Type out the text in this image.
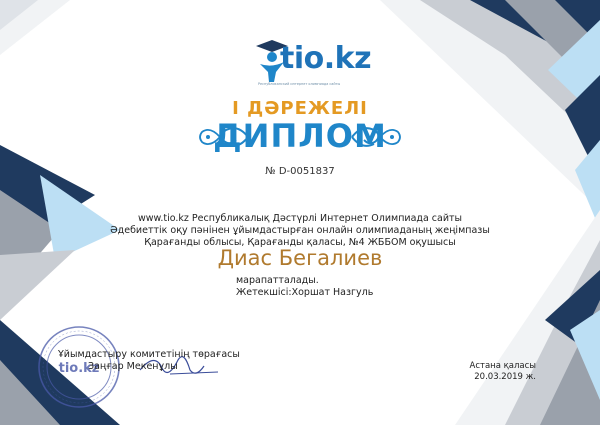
tio.kz
Республиканский интернет олимпиада сайты
I ДӘРЕЖЕЛІ
ДИПЛОМ
№ D-0051837
www.tio.kz Республикалық Дәстүрлі Интернет Олимпиада сайты
Әдебиеттік оқу пәнінен ұйымдастырған онлайн олимпиаданың жеңімпазы
Қарағанды облысы, Қарағанды қаласы, №4 ЖББОМ оқушысы
Диас Бегалиев
марапатталады.
Жетекшісі:Хоршат Назгуль
tio.kz
Ұйымдастыру комитетінің төрағасы
Заңғар Мекенұлы	Астана қаласы
20.03.2019 ж.
